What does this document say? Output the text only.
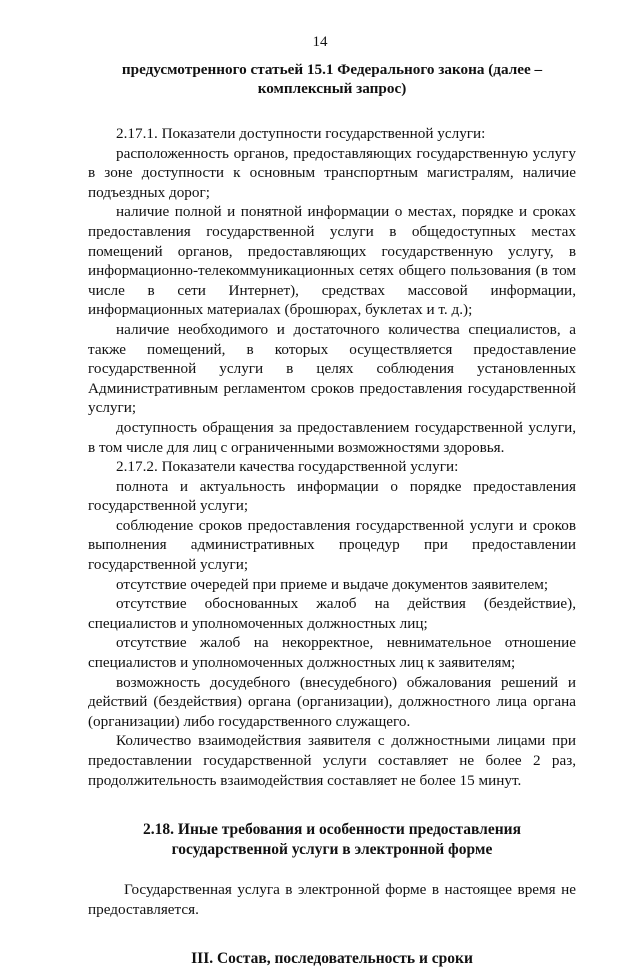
14

предусмотренного статьей 15.1 Федерального закона (далее – комплексный запрос)

2.17.1. Показатели доступности государственной услуги:

расположенность органов, предоставляющих государственную услугу в зоне доступности к основным транспортным магистралям, наличие подъездных дорог;

наличие полной и понятной информации о местах, порядке и сроках предоставления государственной услуги в общедоступных местах помещений органов, предоставляющих государственную услугу, в информационно-телекоммуникационных сетях общего пользования (в том числе в сети Интернет), средствах массовой информации, информационных материалах (брошюрах, буклетах и т. д.);

наличие необходимого и достаточного количества специалистов, а также помещений, в которых осуществляется предоставление государственной услуги в целях соблюдения установленных Административным регламентом сроков предоставления государственной услуги;

доступность обращения за предоставлением государственной услуги, в том числе для лиц с ограниченными возможностями здоровья.

2.17.2. Показатели качества государственной услуги:

полнота и актуальность информации о порядке предоставления государственной услуги;

соблюдение сроков предоставления государственной услуги и сроков выполнения административных процедур при предоставлении государственной услуги;

отсутствие очередей при приеме и выдаче документов заявителем;

отсутствие обоснованных жалоб на действия (бездействие), специалистов и уполномоченных должностных лиц;

отсутствие жалоб на некорректное, невнимательное отношение специалистов и уполномоченных должностных лиц к заявителям;

возможность досудебного (внесудебного) обжалования решений и действий (бездействия) органа (организации), должностного лица органа (организации) либо государственного служащего.

Количество взаимодействия заявителя с должностными лицами при предоставлении государственной услуги составляет не более 2 раз, продолжительность взаимодействия составляет не более 15 минут.

2.18. Иные требования и особенности предоставления государственной услуги в электронной форме

Государственная услуга в электронной форме в настоящее время не предоставляется.

III. Состав, последовательность и сроки
